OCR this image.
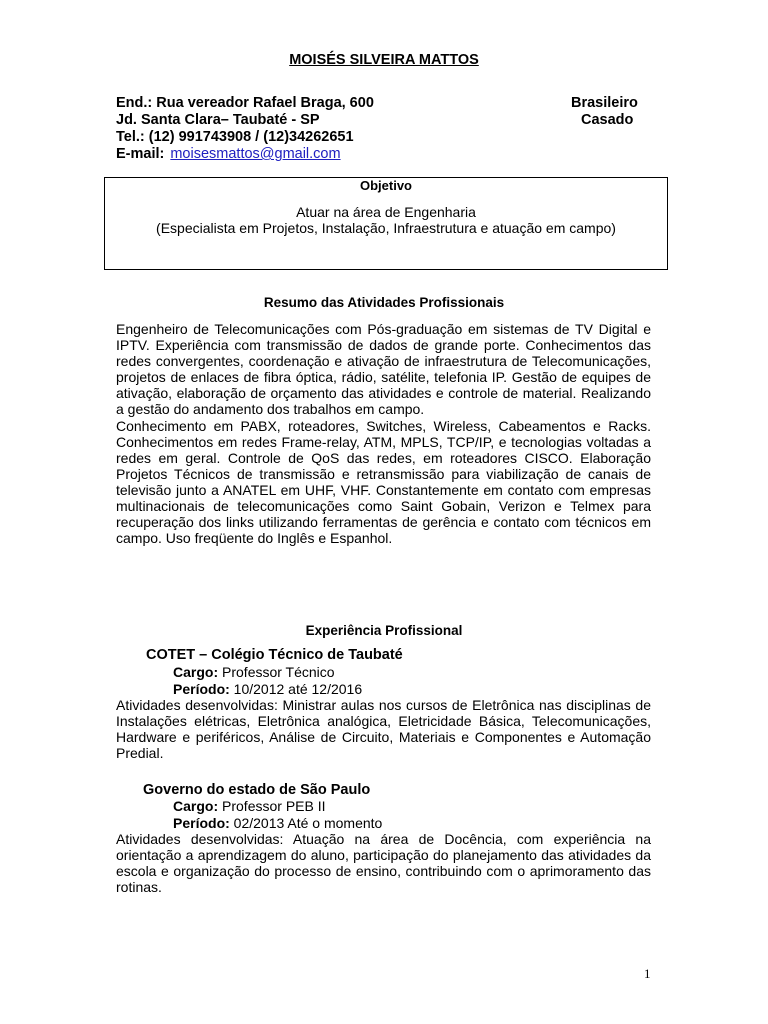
MOISÉS SILVEIRA MATTOS
End.: Rua vereador Rafael Braga, 600
Jd. Santa Clara– Taubaté - SP
Tel.: (12) 991743908 / (12)34262651
E-mail: moisesmattos@gmail.com
Brasileiro
Casado
Objetivo
Atuar na área de Engenharia
(Especialista em Projetos, Instalação, Infraestrutura e atuação em campo)
Resumo das Atividades Profissionais

Engenheiro de Telecomunicações com Pós-graduação em sistemas de TV Digital e IPTV. Experiência com transmissão de dados de grande porte. Conhecimentos das redes convergentes, coordenação e ativação de infraestrutura de Telecomunicações, projetos de enlaces de fibra óptica, rádio, satélite, telefonia IP. Gestão de equipes de ativação, elaboração de orçamento das atividades e controle de material. Realizando a gestão do andamento dos trabalhos em campo.

Conhecimento em PABX, roteadores, Switches, Wireless, Cabeamentos e Racks. Conhecimentos em redes Frame-relay, ATM, MPLS, TCP/IP, e tecnologias voltadas a redes em geral. Controle de QoS das redes, em roteadores CISCO. Elaboração Projetos Técnicos de transmissão e retransmissão para viabilização de canais de televisão junto a ANATEL em UHF, VHF. Constantemente em contato com empresas multinacionais de telecomunicações como Saint Gobain, Verizon e Telmex para recuperação dos links utilizando ferramentas de gerência e contato com técnicos em campo. Uso freqüente do Inglês e Espanhol.

Experiência Profissional
COTET – Colégio Técnico de Taubaté
Cargo: Professor Técnico
Período: 10/2012 até 12/2016
Atividades desenvolvidas: Ministrar aulas nos cursos de Eletrônica nas disciplinas de Instalações elétricas, Eletrônica analógica, Eletricidade Básica, Telecomunicações, Hardware e periféricos, Análise de Circuito, Materiais e Componentes e Automação Predial.
Governo do estado de São Paulo
Cargo: Professor PEB II
Período: 02/2013 Até o momento
Atividades desenvolvidas: Atuação na área de Docência, com experiência na orientação a aprendizagem do aluno, participação do planejamento das atividades da escola e organização do processo de ensino, contribuindo com o aprimoramento das rotinas.
1
